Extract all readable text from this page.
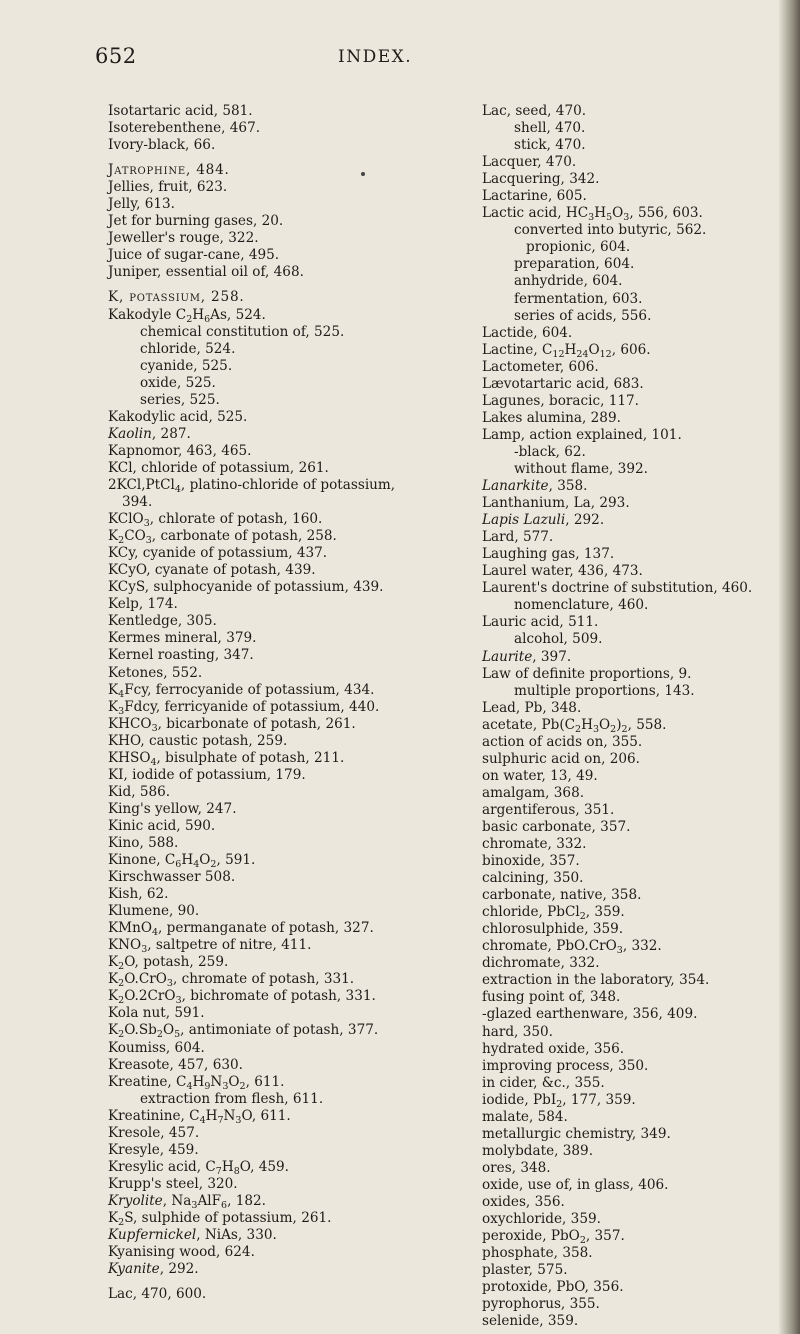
652	INDEX.
Isotartaric acid, 581.
Isoterebenthene, 467.
Ivory-black, 66.
Jatrophine, 484.
Jellies, fruit, 623.
Jelly, 613.
Jet for burning gases, 20.
Jeweller's rouge, 322.
Juice of sugar-cane, 495.
Juniper, essential oil of, 468.
K, potassium, 258.
Kakodyle $C_2H_6As$, 524.
chemical constitution of, 525.
chloride, 524.
cyanide, 525.
oxide, 525.
series, 525.
Kakodylic acid, 525.
Kaolin, 287.
Kapnomor, 463, 465.
KCl, chloride of potassium, 261.
2KCl,PtCl$_4$, platino-chloride of potassium,
394.
KClO$_3$, chlorate of potash, 160.
$K_2CO_3$, carbonate of potash, 258.
KCy, cyanide of potassium, 437.
KCyO, cyanate of potash, 439.
KCyS, sulphocyanide of potassium, 439.
Kelp, 174.
Kentledge, 305.
Kermes mineral, 379.
Kernel roasting, 347.
Ketones, 552.
$K_4Fcy$, ferrocyanide of potassium, 434.
$K_3Fdcy$, ferricyanide of potassium, 440.
$KHCO_3$, bicarbonate of potash, 261.
KHO, caustic potash, 259.
$KHSO_4$, bisulphate of potash, 211.
KI, iodide of potassium, 179.
Kid, 586.
King's yellow, 247.
Kinic acid, 590.
Kino, 588.
Kinone, $C_6H_4O_2$, 591.
Kirschwasser 508.
Kish, 62.
Klumene, 90.
KMnO$_4$, permanganate of potash, 327.
$KNO_3$, saltpetre of nitre, 411.
$K_2O$, potash, 259.
$K_2O.CrO_3$, chromate of potash, 331.
$K_2O.2CrO_3$, bichromate of potash, 331.
Kola nut, 591.
$K_2O.Sb_2O_5$, antimoniate of potash, 377.
Koumiss, 604.
Kreasote, 457, 630.
Kreatine, $C_4H_9N_3O_2$, 611.
extraction from flesh, 611.
Kreatinine, $C_4H_7N_3O$, 611.
Kresole, 457.
Kresyle, 459.
Kresylic acid, $C_7H_8O$, 459.
Krupp's steel, 320.
Kryolite, $Na_3AlF_6$, 182.
$K_2S$, sulphide of potassium, 261.
Kupfernickel, NiAs, 330.
Kyanising wood, 624.
Kyanite, 292.
Lac, 470, 600.
Lac, seed, 470.
shell, 470.
stick, 470.
Lacquer, 470.
Lacquering, 342.
Lactarine, 605.
Lactic acid, $HC_3H_5O_3$, 556, 603.
converted into butyric, 562.
propionic, 604.
preparation, 604.
anhydride, 604.
fermentation, 603.
series of acids, 556.
Lactide, 604.
Lactine, $C_{12}H_{24}O_{12}$, 606.
Lactometer, 606.
Lævotartaric acid, 683.
Lagunes, boracic, 117.
Lakes alumina, 289.
Lamp, action explained, 101.
-black, 62.
without flame, 392.
Lanarkite, 358.
Lanthanium, La, 293.
Lapis Lazuli, 292.
Lard, 577.
Laughing gas, 137.
Laurel water, 436, 473.
Laurent's doctrine of substitution, 460.
nomenclature, 460.
Lauric acid, 511.
alcohol, 509.
Laurite, 397.
Law of definite proportions, 9.
multiple proportions, 143.
Lead, Pb, 348.
acetate, $Pb(C_2H_3O_2)_2$, 558.
action of acids on, 355.
sulphuric acid on, 206.
on water, 13, 49.
amalgam, 368.
argentiferous, 351.
basic carbonate, 357.
chromate, 332.
binoxide, 357.
calcining, 350.
carbonate, native, 358.
chloride, PbCl$_2$, 359.
chlorosulphide, 359.
chromate, PbO.CrO$_3$, 332.
dichromate, 332.
extraction in the laboratory, 354.
fusing point of, 348.
-glazed earthenware, 356, 409.
hard, 350.
hydrated oxide, 356.
improving process, 350.
in cider, &c., 355.
iodide, PbI$_2$, 177, 359.
malate, 584.
metallurgic chemistry, 349.
molybdate, 389.
ores, 348.
oxide, use of, in glass, 406.
oxides, 356.
oxychloride, 359.
peroxide, PbO$_2$, 357.
phosphate, 358.
plaster, 575.
protoxide, PbO, 356.
pyrophorus, 355.
selenide, 359.
